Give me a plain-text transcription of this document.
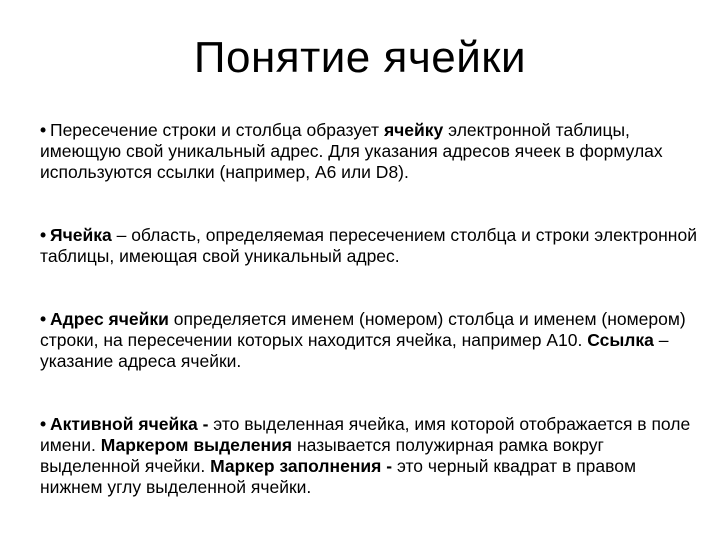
Понятие ячейки
• Пересечение строки и столбца образует ячейку электронной таблицы, имеющую свой уникальный адрес. Для указания адресов ячеек в формулах используются ссылки (например, А6 или D8).
• Ячейка – область, определяемая пересечением столбца и строки электронной таблицы, имеющая свой уникальный адрес.
• Адрес ячейки определяется именем (номером) столбца и именем (номером) строки, на пересечении которых находится ячейка, например А10. Ссылка – указание адреса ячейки.
• Активной ячейка - это выделенная ячейка, имя которой отображается в поле имени. Маркером выделения называется полужирная рамка вокруг выделенной ячейки. Маркер заполнения - это черный квадрат в правом нижнем углу выделенной ячейки.
